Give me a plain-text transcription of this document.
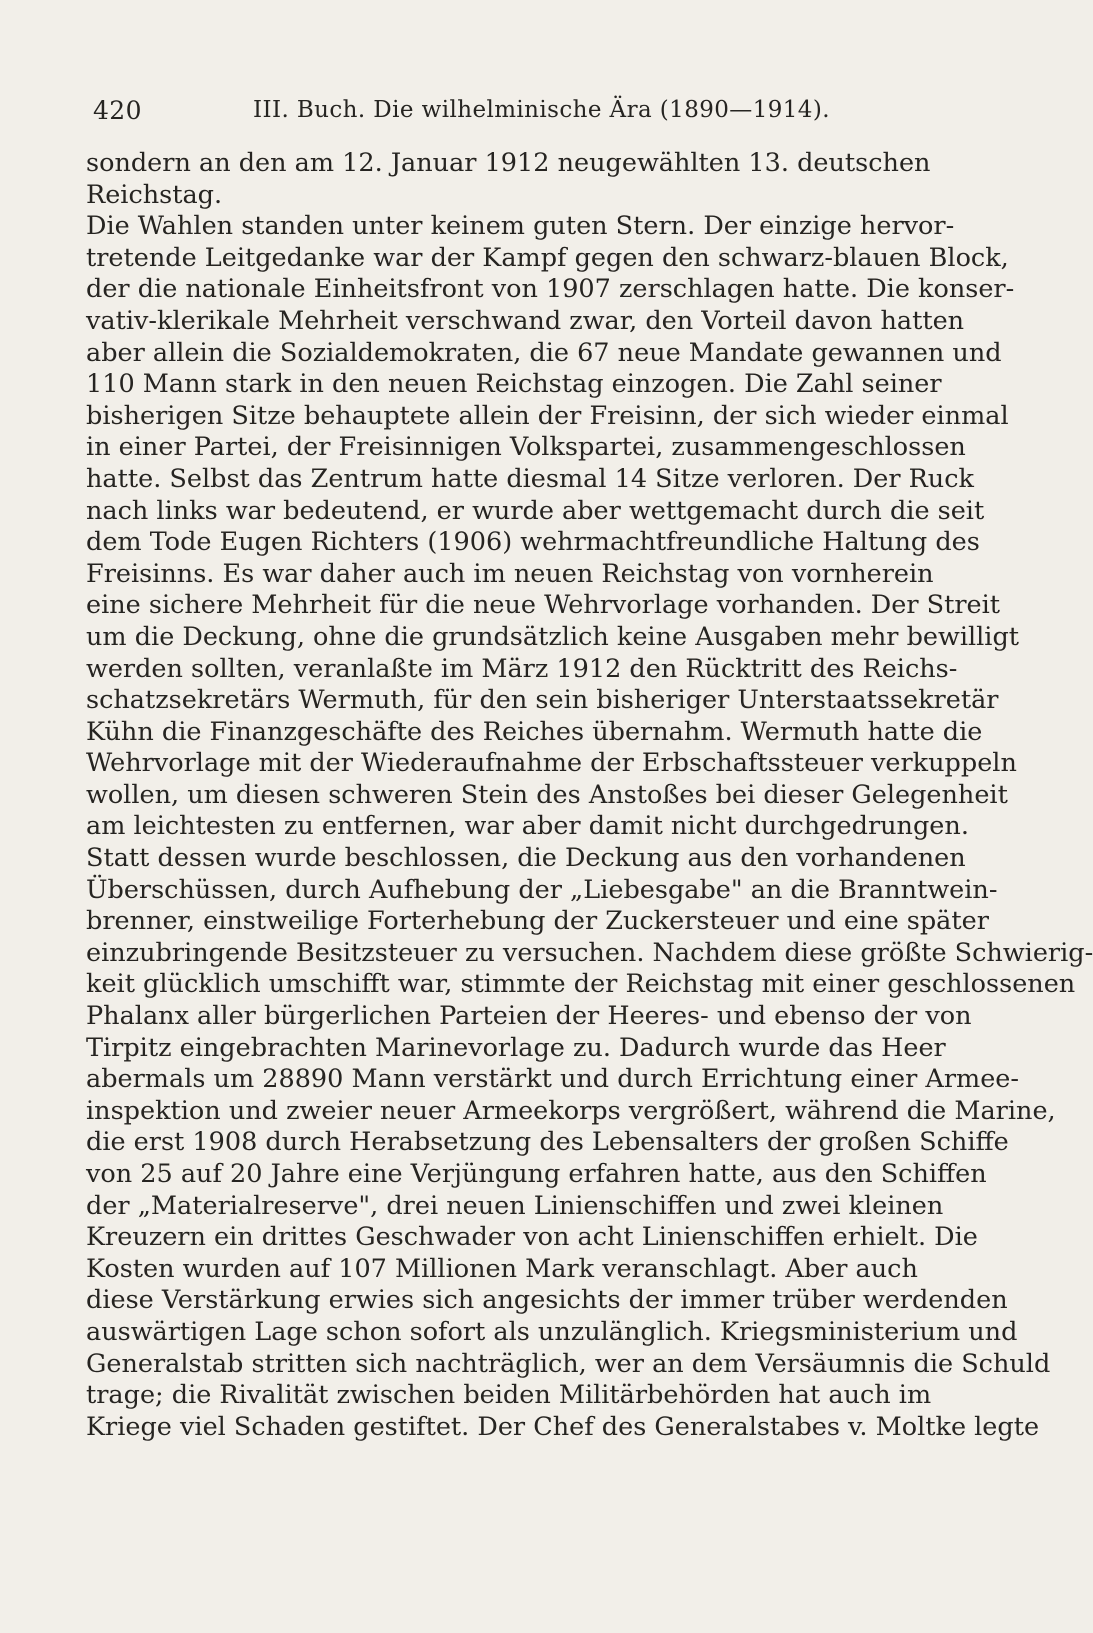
420	III. Buch. Die wilhelminische Ära (1890—1914).
sondern an den am 12. Januar 1912 neugewählten 13. deutschen
Reichstag.
Die Wahlen standen unter keinem guten Stern. Der einzige hervor-
tretende Leitgedanke war der Kampf gegen den schwarz-blauen Block,
der die nationale Einheitsfront von 1907 zerschlagen hatte. Die konser-
vativ-klerikale Mehrheit verschwand zwar, den Vorteil davon hatten
aber allein die Sozialdemokraten, die 67 neue Mandate gewannen und
110 Mann stark in den neuen Reichstag einzogen. Die Zahl seiner
bisherigen Sitze behauptete allein der Freisinn, der sich wieder einmal
in einer Partei, der Freisinnigen Volkspartei, zusammengeschlossen
hatte. Selbst das Zentrum hatte diesmal 14 Sitze verloren. Der Ruck
nach links war bedeutend, er wurde aber wettgemacht durch die seit
dem Tode Eugen Richters (1906) wehrmachtfreundliche Haltung des
Freisinns. Es war daher auch im neuen Reichstag von vornherein
eine sichere Mehrheit für die neue Wehrvorlage vorhanden. Der Streit
um die Deckung, ohne die grundsätzlich keine Ausgaben mehr bewilligt
werden sollten, veranlaßte im März 1912 den Rücktritt des Reichs-
schatzsekretärs Wermuth, für den sein bisheriger Unterstaatssekretär
Kühn die Finanzgeschäfte des Reiches übernahm. Wermuth hatte die
Wehrvorlage mit der Wiederaufnahme der Erbschaftssteuer verkuppeln
wollen, um diesen schweren Stein des Anstoßes bei dieser Gelegenheit
am leichtesten zu entfernen, war aber damit nicht durchgedrungen.
Statt dessen wurde beschlossen, die Deckung aus den vorhandenen
Überschüssen, durch Aufhebung der „Liebesgabe" an die Branntwein-
brenner, einstweilige Forterhebung der Zuckersteuer und eine später
einzubringende Besitzsteuer zu versuchen. Nachdem diese größte Schwierig-
keit glücklich umschifft war, stimmte der Reichstag mit einer geschlossenen
Phalanx aller bürgerlichen Parteien der Heeres- und ebenso der von
Tirpitz eingebrachten Marinevorlage zu. Dadurch wurde das Heer
abermals um 28890 Mann verstärkt und durch Errichtung einer Armee-
inspektion und zweier neuer Armeekorps vergrößert, während die Marine,
die erst 1908 durch Herabsetzung des Lebensalters der großen Schiffe
von 25 auf 20 Jahre eine Verjüngung erfahren hatte, aus den Schiffen
der „Materialreserve", drei neuen Linienschiffen und zwei kleinen
Kreuzern ein drittes Geschwader von acht Linienschiffen erhielt. Die
Kosten wurden auf 107 Millionen Mark veranschlagt. Aber auch
diese Verstärkung erwies sich angesichts der immer trüber werdenden
auswärtigen Lage schon sofort als unzulänglich. Kriegsministerium und
Generalstab stritten sich nachträglich, wer an dem Versäumnis die Schuld
trage; die Rivalität zwischen beiden Militärbehörden hat auch im
Kriege viel Schaden gestiftet. Der Chef des Generalstabes v. Moltke legte
